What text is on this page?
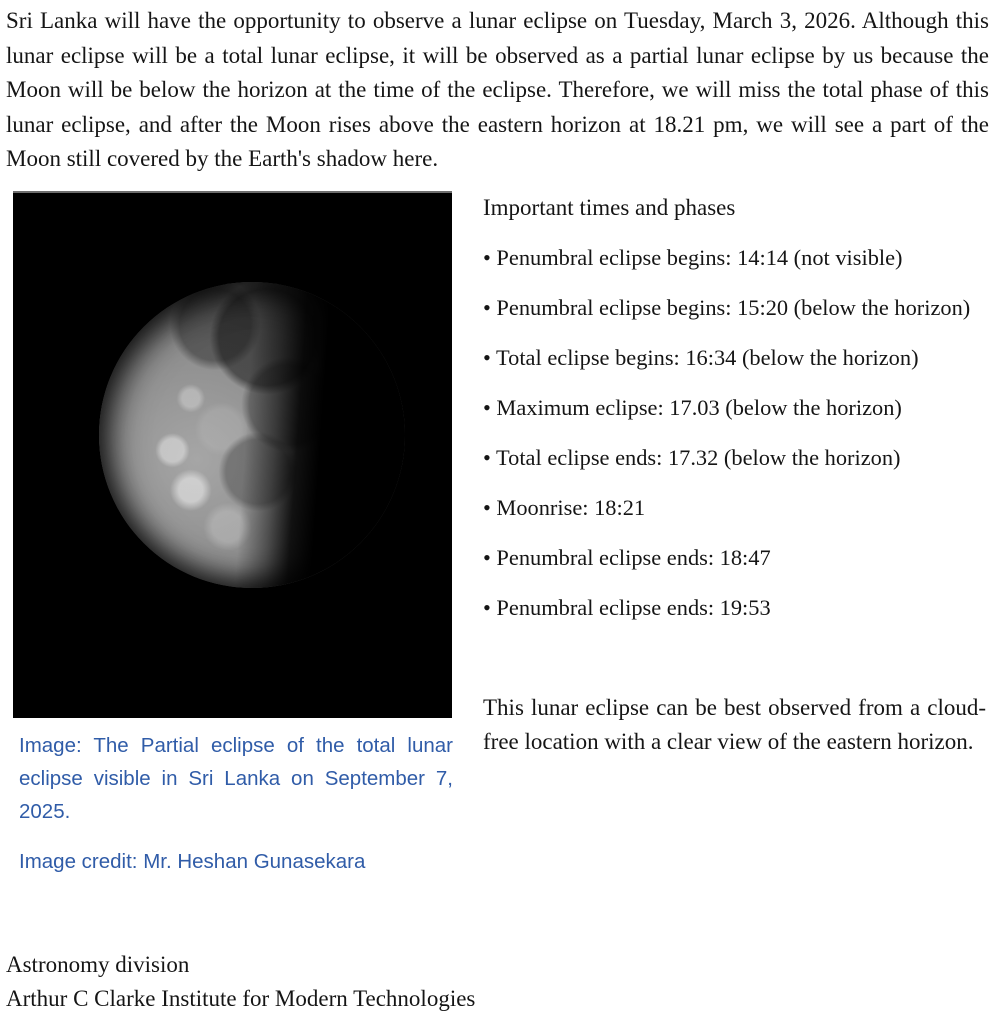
Sri Lanka will have the opportunity to observe a lunar eclipse on Tuesday, March 3, 2026. Although this lunar eclipse will be a total lunar eclipse, it will be observed as a partial lunar eclipse by us because the Moon will be below the horizon at the time of the eclipse. Therefore, we will miss the total phase of this lunar eclipse, and after the Moon rises above the eastern horizon at 18.21 pm, we will see a part of the Moon still covered by the Earth's shadow here.

Image: The Partial eclipse of the total lunar eclipse visible in Sri Lanka on September 7, 2025.

Image credit: Mr. Heshan Gunasekara

Important times and phases

• Penumbral eclipse begins: 14:14 (not visible)

• Penumbral eclipse begins: 15:20 (below the horizon)

• Total eclipse begins: 16:34 (below the horizon)

• Maximum eclipse: 17.03 (below the horizon)

• Total eclipse ends: 17.32 (below the horizon)

• Moonrise: 18:21

• Penumbral eclipse ends: 18:47

• Penumbral eclipse ends: 19:53

This lunar eclipse can be best observed from a cloud-free location with a clear view of the eastern horizon.

Astronomy division

Arthur C Clarke Institute for Modern Technologies
